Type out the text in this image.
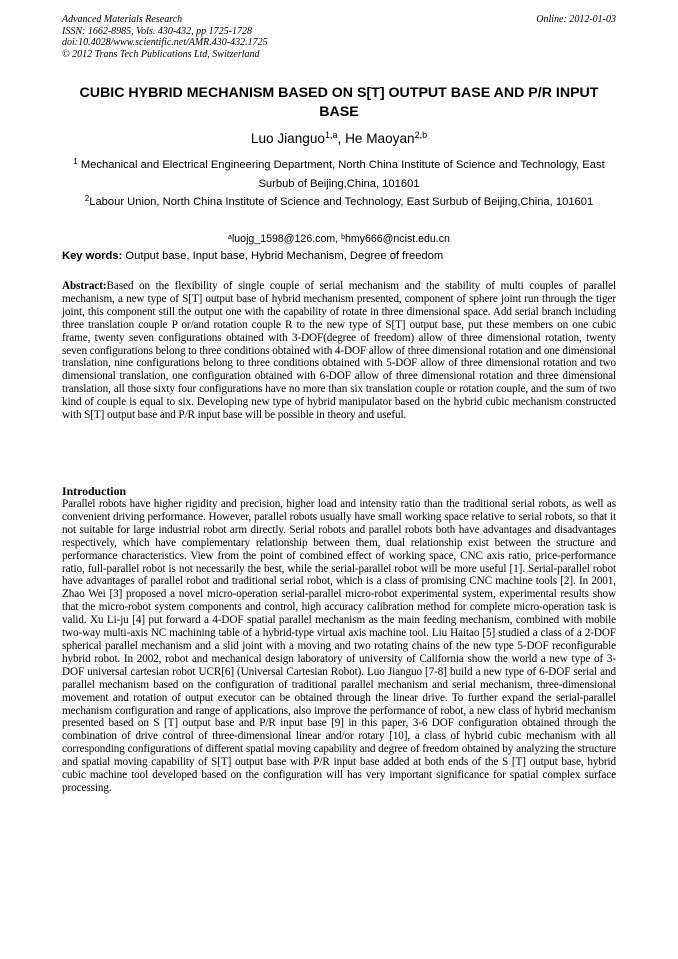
Advanced Materials Research
ISSN: 1662-8985, Vols. 430-432, pp 1725-1728
doi:10.4028/www.scientific.net/AMR.430-432.1725
© 2012 Trans Tech Publications Ltd, Switzerland
Online: 2012-01-03
CUBIC HYBRID MECHANISM BASED ON S[T] OUTPUT BASE AND P/R INPUT BASE
Luo Jianguo$^{1,a}$, He Maoyan$^{2,b}$
$^1$ Mechanical and Electrical Engineering Department, North China Institute of Science and Technology, East Surbub of Beijing,China, 101601
$^2$Labour Union, North China Institute of Science and Technology, East Surbub of Beijing,China, 101601
$^a$luojg_1598@126.com, $^b$hmy666@ncist.edu.cn
Key words: Output base, Input base, Hybrid Mechanism, Degree of freedom
Abstract:Based on the flexibility of single couple of serial mechanism and the stability of multi couples of parallel mechanism, a new type of S[T] output base of hybrid mechanism presented, component of sphere joint run through the tiger joint, this component still the output one with the capability of rotate in three dimensional space. Add serial branch including three translation couple P or/and rotation couple R to the new type of S[T] output base, put these members on one cubic frame, twenty seven configurations obtained with 3-DOF(degree of freedom) allow of three dimensional rotation, twenty seven configurations belong to three conditions obtained with 4-DOF allow of three dimensional rotation and one dimensional translation, nine configurations belong to three conditions obtained with 5-DOF allow of three dimensional rotation and two dimensional translation, one configuration obtained with 6-DOF allow of three dimensional rotation and three dimensional translation, all those sixty four configurations have no more than six translation couple or rotation couple, and the sum of two kind of couple is equal to six. Developing new type of hybrid manipulator based on the hybrid cubic mechanism constructed with S[T] output base and P/R input base will be possible in theory and useful.
Introduction
Parallel robots have higher rigidity and precision, higher load and intensity ratio than the traditional serial robots, as well as convenient driving performance. However, parallel robots usually have small working space relative to serial robots, so that it not suitable for large industrial robot arm directly. Serial robots and parallel robots both have advantages and disadvantages respectively, which have complementary relationship between them, dual relationship exist between the structure and performance characteristics. View from the point of combined effect of working space, CNC axis ratio, price-performance ratio, full-parallel robot is not necessarily the best, while the serial-parallel robot will be more useful [1]. Serial-parallel robot have advantages of parallel robot and traditional serial robot, which is a class of promising CNC machine tools [2]. In 2001, Zhao Wei [3] proposed a novel micro-operation serial-parallel micro-robot experimental system, experimental results show that the micro-robot system components and control, high accuracy calibration method for complete micro-operation task is valid. Xu Li-ju [4] put forward a 4-DOF spatial parallel mechanism as the main feeding mechanism, combined with mobile two-way multi-axis NC machining table of a hybrid-type virtual axis machine tool. Liu Haitao [5] studied a class of a 2-DOF spherical parallel mechanism and a slid joint with a moving and two rotating chains of the new type 5-DOF reconfigurable hybrid robot. In 2002, robot and mechanical design laboratory of university of California show the world a new type of 3-DOF universal cartesian robot UCR[6] (Universal Cartesian Robot). Luo Jianguo [7-8] build a new type of 6-DOF serial and parallel mechanism based on the configuration of traditional parallel mechanism and serial mechanism, three-dimensional movement and rotation of output executor can be obtained through the linear drive. To further expand the serial-parallel mechanism configuration and range of applications, also improve the performance of robot, a new class of hybrid mechanism presented based on S [T] output base and P/R input base [9] in this paper, 3-6 DOF configuration obtained through the combination of drive control of three-dimensional linear and/or rotary [10], a class of hybrid cubic mechanism with all corresponding configurations of different spatial moving capability and degree of freedom obtained by analyzing the structure and spatial moving capability of S[T] output base with P/R input base added at both ends of the S [T] output base, hybrid cubic machine tool developed based on the configuration will has very important significance for spatial complex surface processing.
